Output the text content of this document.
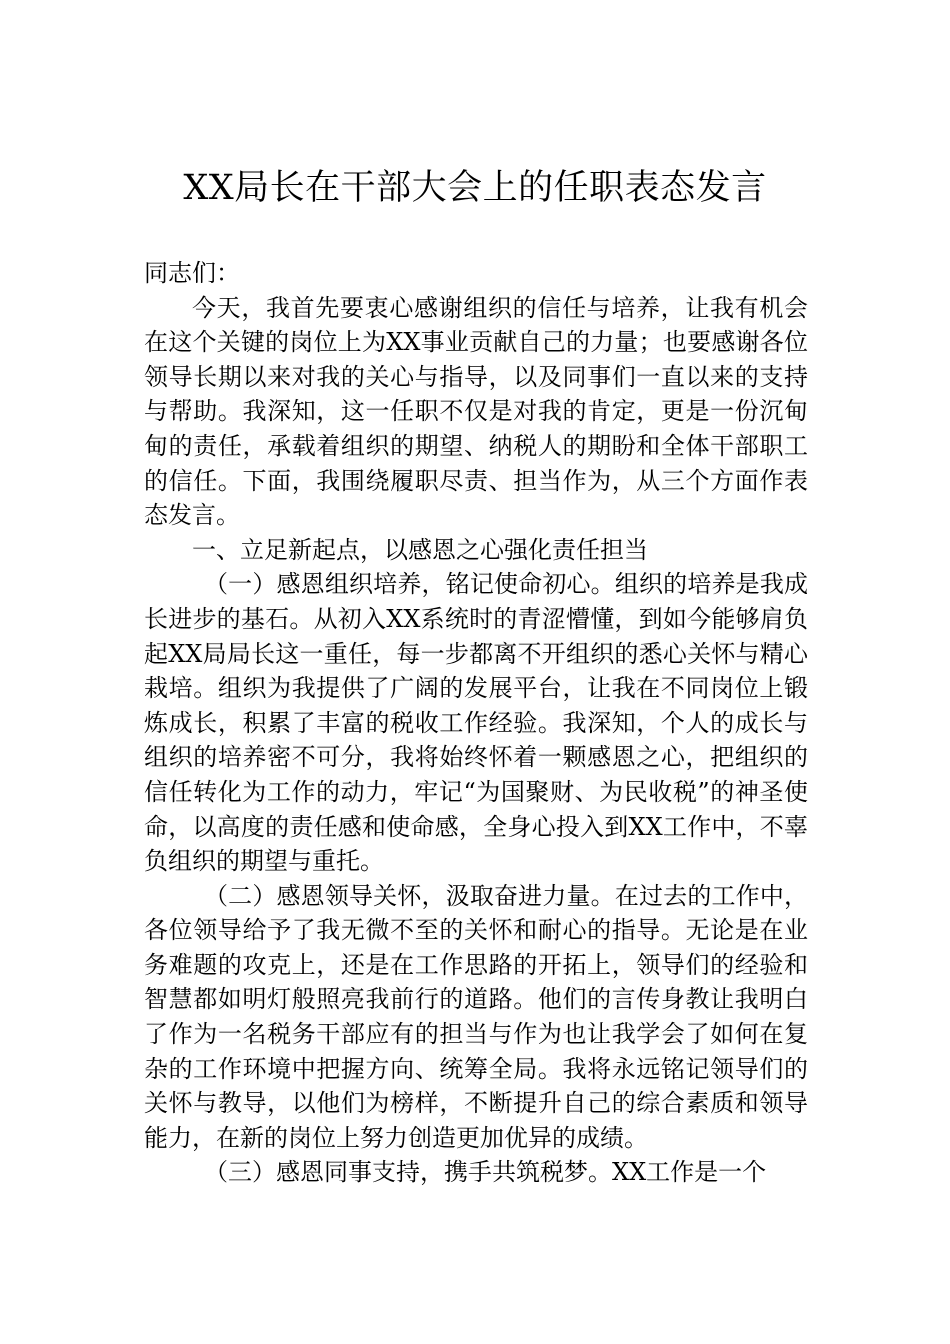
XX局长在干部大会上的任职表态发言

同志们：

今天，我首先要衷心感谢组织的信任与培养，让我有机会在这个关键的岗位上为XX事业贡献自己的力量；也要感谢各位领导长期以来对我的关心与指导，以及同事们一直以来的支持与帮助。我深知，这一任职不仅是对我的肯定，更是一份沉甸甸的责任，承载着组织的期望、纳税人的期盼和全体干部职工的信任。下面，我围绕履职尽责、担当作为，从三个方面作表态发言。

一、立足新起点，以感恩之心强化责任担当

（一）感恩组织培养，铭记使命初心。组织的培养是我成长进步的基石。从初入XX系统时的青涩懵懂，到如今能够肩负起XX局局长这一重任，每一步都离不开组织的悉心关怀与精心栽培。组织为我提供了广阔的发展平台，让我在不同岗位上锻炼成长，积累了丰富的税收工作经验。我深知，个人的成长与组织的培养密不可分，我将始终怀着一颗感恩之心，把组织的信任转化为工作的动力，牢记“为国聚财、为民收税”的神圣使命，以高度的责任感和使命感，全身心投入到XX工作中，不辜负组织的期望与重托。

（二）感恩领导关怀，汲取奋进力量。在过去的工作中，各位领导给予了我无微不至的关怀和耐心的指导。无论是在业务难题的攻克上，还是在工作思路的开拓上，领导们的经验和智慧都如明灯般照亮我前行的道路。他们的言传身教让我明白了作为一名税务干部应有的担当与作为也让我学会了如何在复杂的工作环境中把握方向、统筹全局。我将永远铭记领导们的关怀与教导，以他们为榜样，不断提升自己的综合素质和领导能力，在新的岗位上努力创造更加优异的成绩。

（三）感恩同事支持，携手共筑税梦。XX工作是一个
